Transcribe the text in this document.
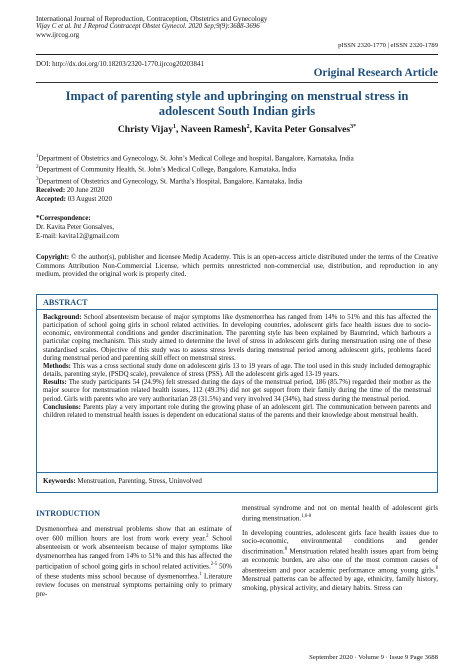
International Journal of Reproduction, Contraception, Obstetrics and Gynecology
Vijay C et al. Int J Reprod Contracept Obstet Gynecol. 2020 Sep;9(9):3688-3696
www.ijrcog.org
pISSN 2320-1770 | eISSN 2320-1789
DOI: http://dx.doi.org/10.18203/2320-1770.ijrcog20203841
Original Research Article
Impact of parenting style and upbringing on menstrual stress in adolescent South Indian girls
Christy Vijay$^1$, Naveen Ramesh$^2$, Kavita Peter Gonsalves$^{3*}$
$^1$Department of Obstetrics and Gynecology, St. John’s Medical College and hospital, Bangalore, Karnataka, India
$^2$Department of Community Health, St. John’s Medical College, Bangalore, Karnataka, India
$^3$Department of Obstetrics and Gynecology, St. Martha’s Hospital, Bangalore, Karnataka, India
Received: 20 June 2020
Accepted: 03 August 2020
*Correspondence:
Dr. Kavita Peter Gonsalves,
E-mail: kavita12@gmail.com
Copyright: © the author(s), publisher and licensee Medip Academy. This is an open-access article distributed under the terms of the Creative Commons Attribution Non-Commercial License, which permits unrestricted non-commercial use, distribution, and reproduction in any medium, provided the original work is properly cited.
ABSTRACT

Background: School absenteeism because of major symptoms like dysmenorrhea has ranged from 14% to 51% and this has affected the participation of school going girls in school related activities. In developing countries, adolescent girls face health issues due to socio-economic, environmental conditions and gender discrimination. The parenting style has been explained by Baumrind, which harbours a particular coping mechanism. This study aimed to determine the level of stress in adolescent girls during menstruation using one of these standardised scales. Objective of this study was to assess stress levels during menstrual period among adolescent girls, problems faced during menstrual period and parenting skill effect on menstrual stress.

Methods: This was a cross sectional study done on adolescent girls 13 to 19 years of age. The tool used in this study included demographic details, parenting style, (PSDQ scale), prevalence of stress (PSS). All the adolescent girls aged 13-19 years.

Results: The study participants 54 (24.9%) felt stressed during the days of the menstrual period, 186 (85.7%) regarded their mother as the major source for menstruation related health issues, 112 (49.3%) did not get support from their family during the time of the menstrual period. Girls with parents who are very authoritarian 28 (31.5%) and very involved 34 (34%), had stress during the menstrual period.

Conclusions: Parents play a very important role during the growing phase of an adolescent girl. The communication between parents and children related to menstrual health issues is dependent on educational status of the parents and their knowledge about menstrual health.

Keywords: Menstruation, Parenting, Stress, Uninvolved
INTRODUCTION

Dysmenorrhea and menstrual problems show that an estimate of over 600 million hours are lost from work every year.$^2$ School absenteeism or work absenteeism because of major symptoms like dysmenorrhea has ranged from 14% to 51% and this has affected the participation of school going girls in school related activities.$^{2-5}$ 50% of these students miss school because of dysmenorrhea.$^1$ Literature review focuses on menstrual symptoms pertaining only to primary pre-

menstrual syndrome and not on mental health of adolescent girls during menstruation.$^{1,6-8}$

In developing countries, adolescent girls face health issues due to socio-economic, environmental conditions and gender discrimination.$^8$ Menstruation related health issues apart from being an economic burden, are also one of the most common causes of absenteeism and poor academic performance among young girls.$^8$ Menstrual patterns can be affected by age, ethnicity, family history, smoking, physical activity, and dietary habits. Stress can

September 2020 · Volume 9 · Issue 9 Page 3688
